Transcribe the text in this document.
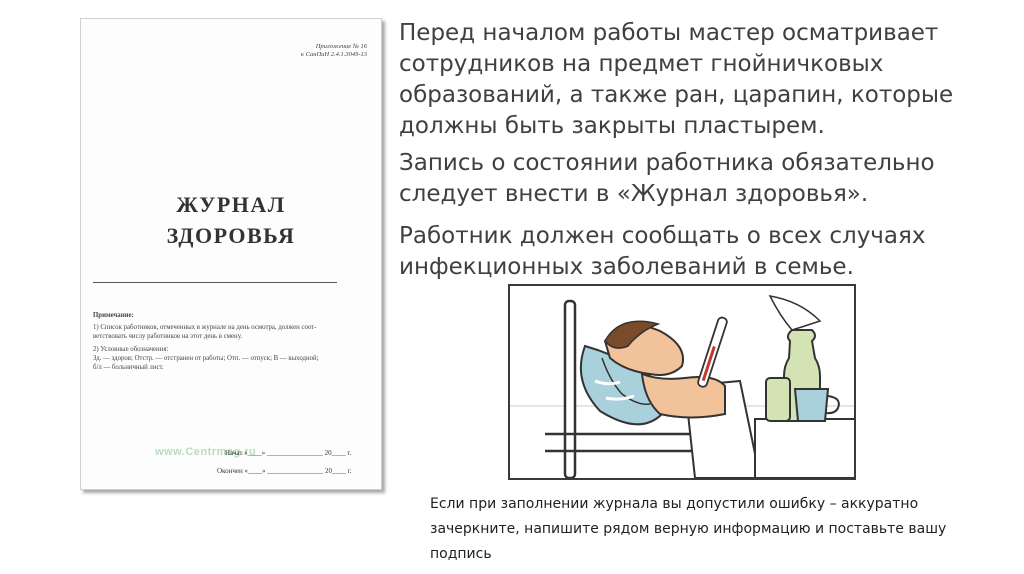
Приложение № 16
к СанПиН 2.4.1.3049-13
ЖУРНАЛ
ЗДОРОВЬЯ

Примечание:

1) Список работников, отмеченных в журнале на день осмотра, должен соот-
ветствовать числу работников на этот день в смену.

2) Условные обозначения:
Зд. — здоров; Отстр. — отстранен от работы; Отп. — отпуск; В — выходной;
б/л — больничный лист.

www.Centrmag.ru
Начат «____» ________________ 20____ г.
Окончен «____» ________________ 20____ г.

Перед началом работы мастер осматривает сотрудников на предмет гнойничковых образований, а также ран, царапин, которые должны быть закрыты пластырем.

Запись о состоянии работника обязательно следует внести в «Журнал здоровья».

Работник должен сообщать о всех случаях инфекционных заболеваний в семье.

Если при заполнении журнала вы допустили ошибку – аккуратно зачеркните, напишите рядом верную информацию и поставьте вашу подпись
